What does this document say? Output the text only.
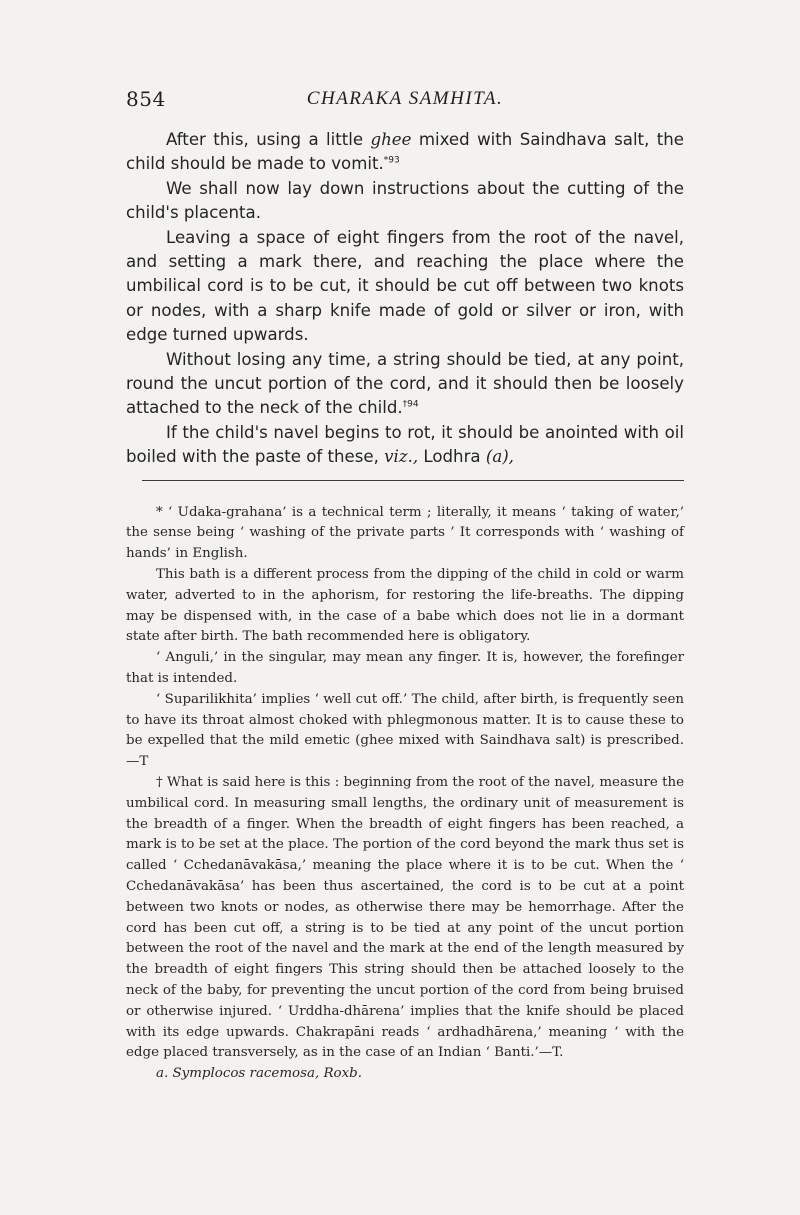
854	CHARAKA SAMHITA.

After this, using a little ghee mixed with Saindhava salt, the child should be made to vomit.$^{*93}$

We shall now lay down instructions about the cutting of the child's placenta.

Leaving a space of eight fingers from the root of the navel, and setting a mark there, and reaching the place where the umbilical cord is to be cut, it should be cut off between two knots or nodes, with a sharp knife made of gold or silver or iron, with edge turned upwards.

Without losing any time, a string should be tied, at any point, round the uncut portion of the cord, and it should then be loosely attached to the neck of the child.$^{\dagger 94}$

If the child's navel begins to rot, it should be anointed with oil boiled with the paste of these, viz., Lodhra (a),

* ‘ Udaka-grahana’ is a technical term ; literally, it means ‘ taking of water,’ the sense being ‘ washing of the private parts ’ It corresponds with ‘ washing of hands’ in English.

This bath is a different process from the dipping of the child in cold or warm water, adverted to in the aphorism, for restoring the life-breaths. The dipping may be dispensed with, in the case of a babe which does not lie in a dormant state after birth. The bath recommended here is obligatory.

‘ Anguli,’ in the singular, may mean any finger. It is, however, the forefinger that is intended.

‘ Suparilikhita’ implies ‘ well cut off.’ The child, after birth, is frequently seen to have its throat almost choked with phlegmonous matter. It is to cause these to be expelled that the mild emetic (ghee mixed with Saindhava salt) is prescribed.—T

† What is said here is this : beginning from the root of the navel, measure the umbilical cord. In measuring small lengths, the ordinary unit of measurement is the breadth of a finger. When the breadth of eight fingers has been reached, a mark is to be set at the place. The portion of the cord beyond the mark thus set is called ‘ Cchedanāvakāsa,’ meaning the place where it is to be cut. When the ‘ Cchedanāvakāsa’ has been thus ascertained, the cord is to be cut at a point between two knots or nodes, as otherwise there may be hemorrhage. After the cord has been cut off, a string is to be tied at any point of the uncut portion between the root of the navel and the mark at the end of the length measured by the breadth of eight fingers This string should then be attached loosely to the neck of the baby, for preventing the uncut portion of the cord from being bruised or otherwise injured. ‘ Urddha-dhārena’ implies that the knife should be placed with its edge upwards. Chakrapāni reads ‘ ardhadhārena,’ meaning ‘ with the edge placed transversely, as in the case of an Indian ‘ Banti.’—T.

a. Symplocos racemosa, Roxb.
